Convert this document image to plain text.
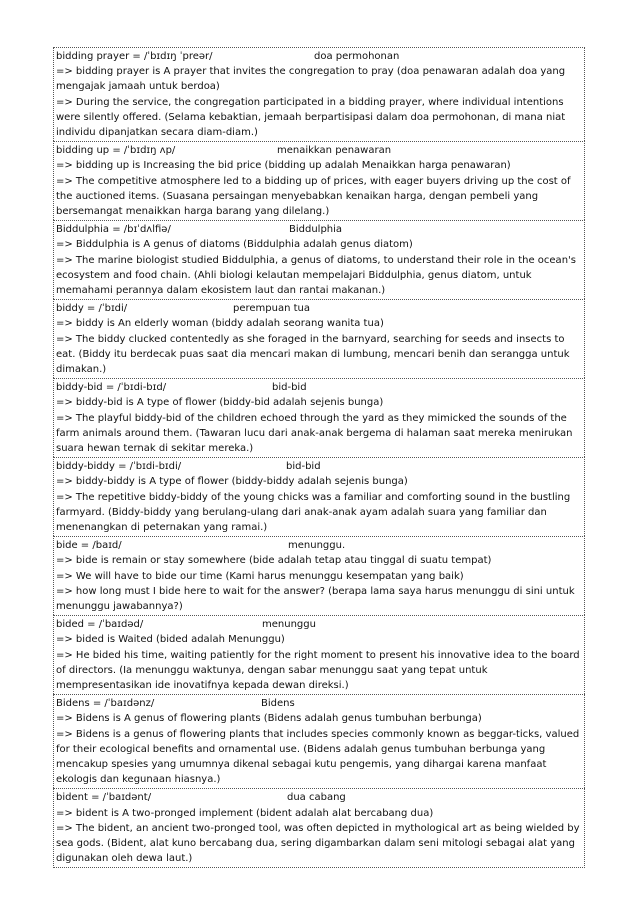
bidding prayer = /ˈbɪdɪŋ ˈpreər/	doa permohonan
=> bidding prayer is A prayer that invites the congregation to pray (doa penawaran adalah doa yang mengajak jamaah untuk berdoa)
=> During the service, the congregation participated in a bidding prayer, where individual intentions were silently offered. (Selama kebaktian, jemaah berpartisipasi dalam doa permohonan, di mana niat individu dipanjatkan secara diam-diam.)
bidding up = /ˈbɪdɪŋ ʌp/	menaikkan penawaran
=> bidding up is Increasing the bid price (bidding up adalah Menaikkan harga penawaran)
=> The competitive atmosphere led to a bidding up of prices, with eager buyers driving up the cost of the auctioned items. (Suasana persaingan menyebabkan kenaikan harga, dengan pembeli yang bersemangat menaikkan harga barang yang dilelang.)
Biddulphia = /bɪˈdʌlfiə/	Biddulphia
=> Biddulphia is A genus of diatoms (Biddulphia adalah genus diatom)
=> The marine biologist studied Biddulphia, a genus of diatoms, to understand their role in the ocean's ecosystem and food chain. (Ahli biologi kelautan mempelajari Biddulphia, genus diatom, untuk memahami perannya dalam ekosistem laut dan rantai makanan.)
biddy = /ˈbɪdi/	perempuan tua
=> biddy is An elderly woman (biddy adalah seorang wanita tua)
=> The biddy clucked contentedly as she foraged in the barnyard, searching for seeds and insects to eat. (Biddy itu berdecak puas saat dia mencari makan di lumbung, mencari benih dan serangga untuk dimakan.)
biddy-bid = /ˈbɪdi-bɪd/	bid-bid
=> biddy-bid is A type of flower (biddy-bid adalah sejenis bunga)
=> The playful biddy-bid of the children echoed through the yard as they mimicked the sounds of the farm animals around them. (Tawaran lucu dari anak-anak bergema di halaman saat mereka menirukan suara hewan ternak di sekitar mereka.)
biddy-biddy = /ˈbɪdi-bɪdi/	bid-bid
=> biddy-biddy is A type of flower (biddy-biddy adalah sejenis bunga)
=> The repetitive biddy-biddy of the young chicks was a familiar and comforting sound in the bustling farmyard. (Biddy-biddy yang berulang-ulang dari anak-anak ayam adalah suara yang familiar dan menenangkan di peternakan yang ramai.)
bide = /baɪd/	menunggu.
=> bide is remain or stay somewhere (bide adalah tetap atau tinggal di suatu tempat)
=> We will have to bide our time (Kami harus menunggu kesempatan yang baik)
=> how long must I bide here to wait for the answer? (berapa lama saya harus menunggu di sini untuk menunggu jawabannya?)
bided = /ˈbaɪdəd/	menunggu
=> bided is Waited (bided adalah Menunggu)
=> He bided his time, waiting patiently for the right moment to present his innovative idea to the board of directors. (Ia menunggu waktunya, dengan sabar menunggu saat yang tepat untuk mempresentasikan ide inovatifnya kepada dewan direksi.)
Bidens = /ˈbaɪdənz/	Bidens
=> Bidens is A genus of flowering plants (Bidens adalah genus tumbuhan berbunga)
=> Bidens is a genus of flowering plants that includes species commonly known as beggar-ticks, valued for their ecological benefits and ornamental use. (Bidens adalah genus tumbuhan berbunga yang mencakup spesies yang umumnya dikenal sebagai kutu pengemis, yang dihargai karena manfaat ekologis dan kegunaan hiasnya.)
bident = /ˈbaɪdənt/	dua cabang
=> bident is A two-pronged implement (bident adalah alat bercabang dua)
=> The bident, an ancient two-pronged tool, was often depicted in mythological art as being wielded by sea gods. (Bident, alat kuno bercabang dua, sering digambarkan dalam seni mitologi sebagai alat yang digunakan oleh dewa laut.)
